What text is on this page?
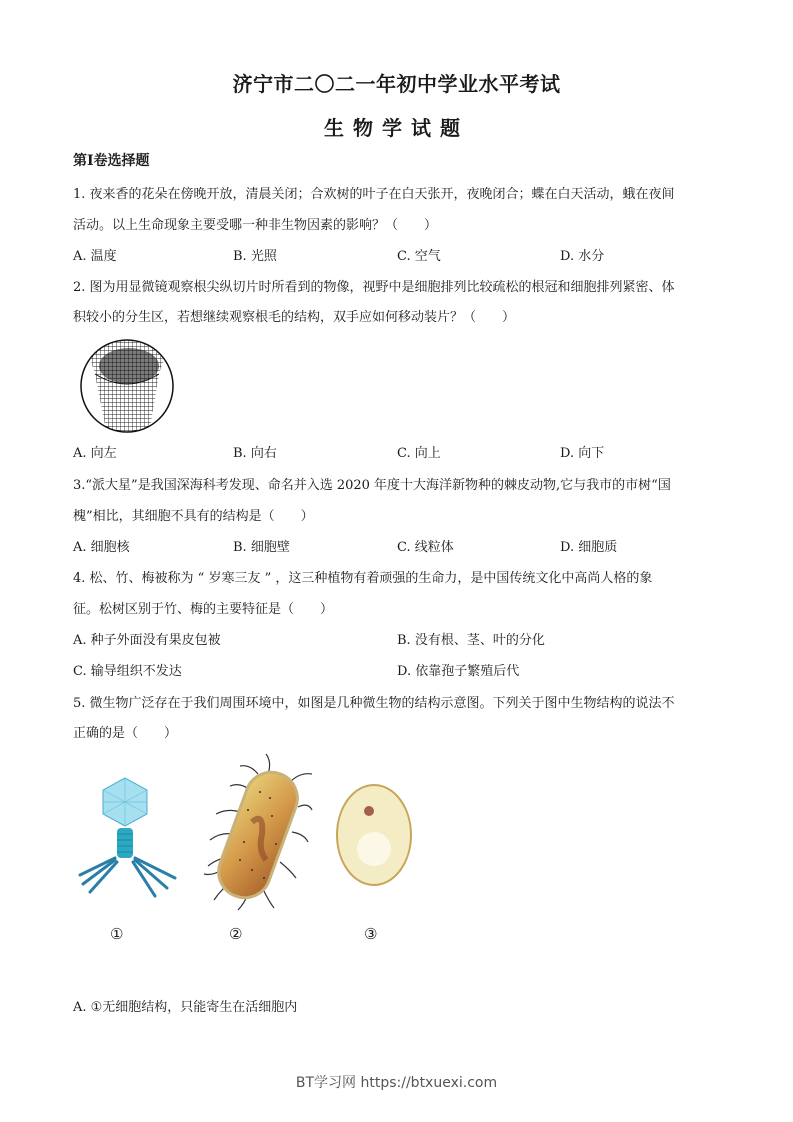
济宁市二〇二一年初中学业水平考试
生物学试题
第Ⅰ卷选择题
1. 夜来香的花朵在傍晚开放，清晨关闭；合欢树的叶子在白天张开，夜晚闭合；蝶在白天活动，蛾在夜间
活动。以上生命现象主要受哪一种非生物因素的影响？（　　）
A. 温度	B. 光照	C. 空气	D. 水分
2. 图为用显微镜观察根尖纵切片时所看到的物像，视野中是细胞排列比较疏松的根冠和细胞排列紧密、体
积较小的分生区，若想继续观察根毛的结构，双手应如何移动装片？（　　）
A. 向左	B. 向右	C. 向上	D. 向下
3.“派大星”是我国深海科考发现、命名并入选 2020 年度十大海洋新物种的棘皮动物,它与我市的市树“国
槐”相比，其细胞不具有的结构是（　　）
A. 细胞核	B. 细胞壁	C. 线粒体	D. 细胞质
4. 松、竹、梅被称为 “ 岁寒三友 ” ，这三种植物有着顽强的生命力，是中国传统文化中高尚人格的象
征。松树区别于竹、梅的主要特征是（　　）
A. 种子外面没有果皮包被	B. 没有根、茎、叶的分化
C. 输导组织不发达	D. 依靠孢子繁殖后代
5. 微生物广泛存在于我们周围环境中，如图是几种微生物的结构示意图。下列关于图中生物结构的说法不
正确的是（　　）
①	②	③
A. ①无细胞结构，只能寄生在活细胞内
BT学习网 https://btxuexi.com
